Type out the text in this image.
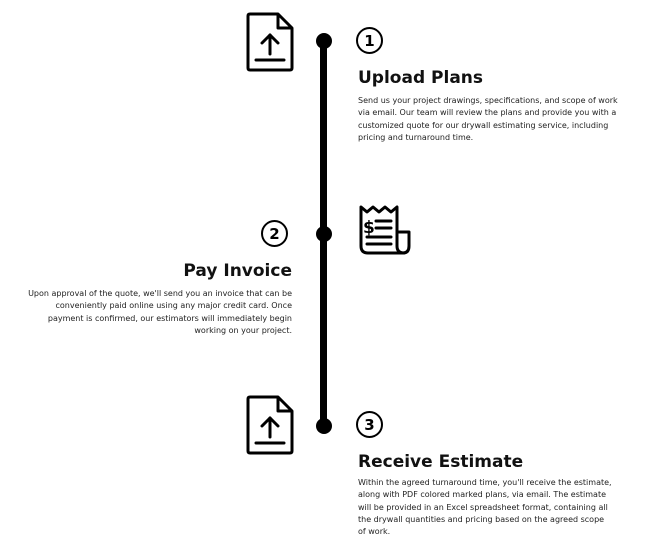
1
Upload Plans

Send us your project drawings, specifications, and scope of work via email. Our team will review the plans and provide you with a customized quote for our drywall estimating service, including pricing and turnaround time.

2
Pay Invoice

Upon approval of the quote, we'll send you an invoice that can be conveniently paid online using any major credit card. Once payment is confirmed, our estimators will immediately begin working on your project.

$
3
Receive Estimate

Within the agreed turnaround time, you'll receive the estimate, along with PDF colored marked plans, via email. The estimate will be provided in an Excel spreadsheet format, containing all the drywall quantities and pricing based on the agreed scope of work.
